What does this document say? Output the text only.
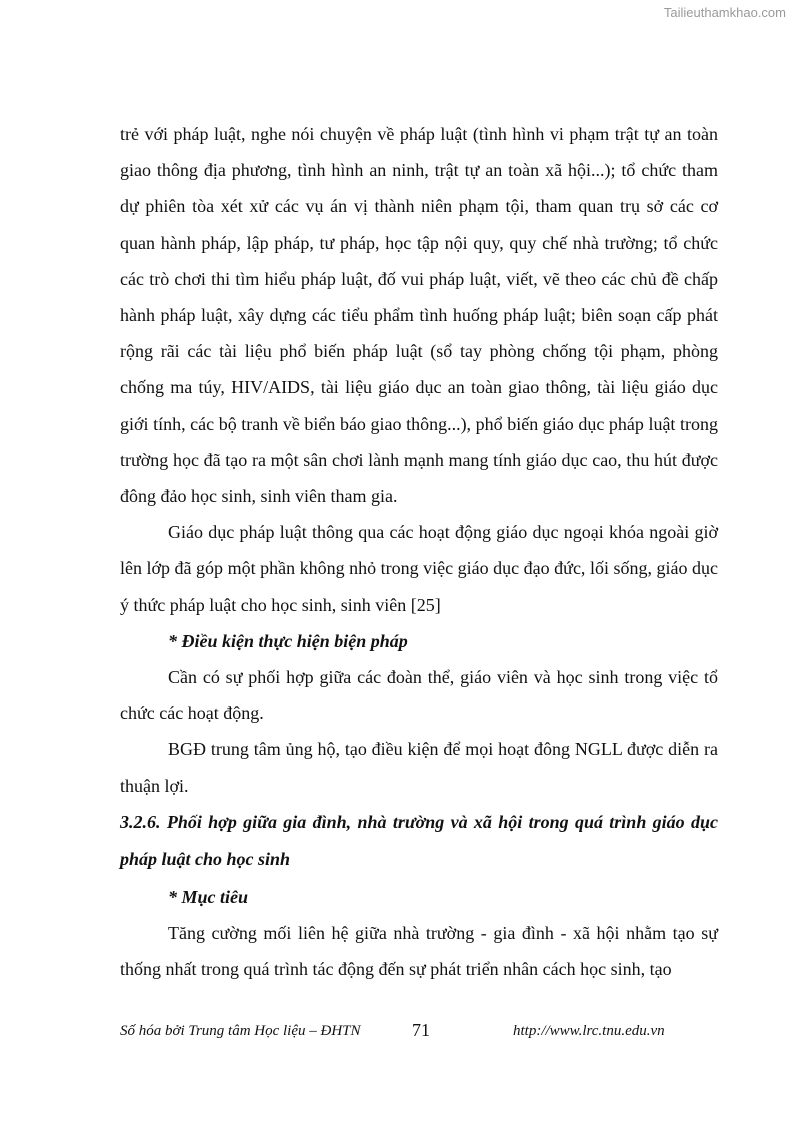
Tailieuthamkhao.com

trẻ với pháp luật, nghe nói chuyện về pháp luật (tình hình vi phạm trật tự an toàn giao thông địa phương, tình hình an ninh, trật tự an toàn xã hội...); tổ chức tham dự phiên tòa xét xử các vụ án vị thành niên phạm tội, tham quan trụ sở các cơ quan hành pháp, lập pháp, tư pháp, học tập nội quy, quy chế nhà trường; tổ chức các trò chơi thi tìm hiểu pháp luật, đố vui pháp luật, viết, vẽ theo các chủ đề chấp hành pháp luật, xây dựng các tiểu phẩm tình huống pháp luật; biên soạn cấp phát rộng rãi các tài liệu phổ biến pháp luật (sổ tay phòng chống tội phạm, phòng chống ma túy, HIV/AIDS, tài liệu giáo dục an toàn giao thông, tài liệu giáo dục giới tính, các bộ tranh về biển báo giao thông...), phổ biến giáo dục pháp luật trong trường học đã tạo ra một sân chơi lành mạnh mang tính giáo dục cao, thu hút được đông đảo học sinh, sinh viên tham gia.

Giáo dục pháp luật thông qua các hoạt động giáo dục ngoại khóa ngoài giờ lên lớp đã góp một phần không nhỏ trong việc giáo dục đạo đức, lối sống, giáo dục ý thức pháp luật cho học sinh, sinh viên [25]

* Điều kiện thực hiện biện pháp

Cần có sự phối hợp giữa các đoàn thể, giáo viên và học sinh trong việc tổ chức các hoạt động.

BGĐ trung tâm ủng hộ, tạo điều kiện để mọi hoạt đông NGLL được diễn ra thuận lợi.

3.2.6. Phối hợp giữa gia đình, nhà trường và xã hội trong quá trình giáo dục pháp luật cho học sinh

* Mục tiêu

Tăng cường mối liên hệ giữa nhà trường - gia đình - xã hội nhằm tạo sự thống nhất trong quá trình tác động đến sự phát triển nhân cách học sinh, tạo

Số hóa bởi Trung tâm Học liệu – ĐHTN	71	http://www.lrc.tnu.edu.vn
